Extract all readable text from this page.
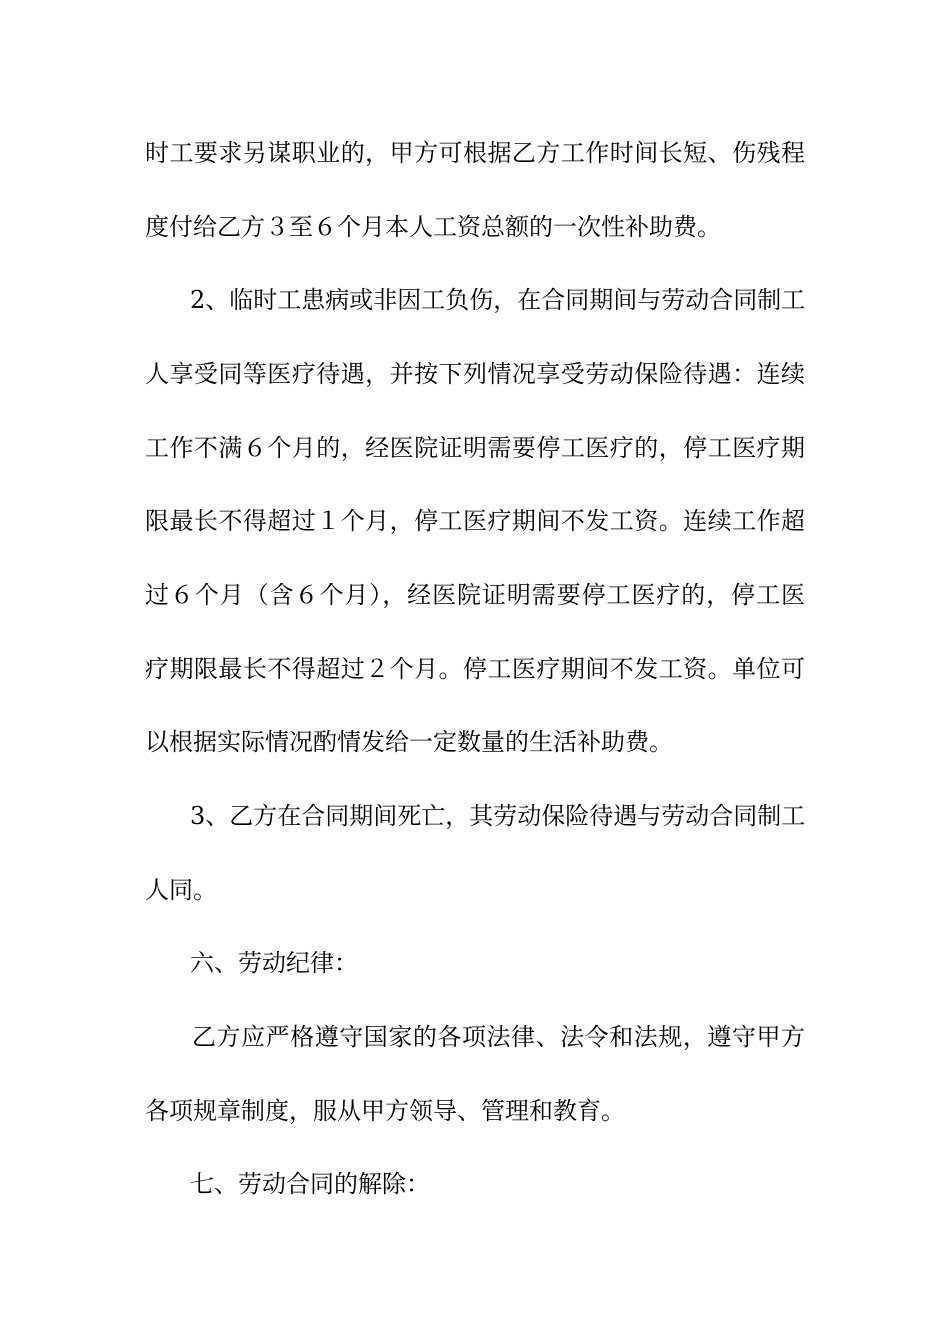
时工要求另谋职业的，甲方可根据乙方工作时间长短、伤残程
度付给乙方３至６个月本人工资总额的一次性补助费。
2、临时工患病或非因工负伤，在合同期间与劳动合同制工
人享受同等医疗待遇，并按下列情况享受劳动保险待遇：连续
工作不满６个月的，经医院证明需要停工医疗的，停工医疗期
限最长不得超过１个月，停工医疗期间不发工资。连续工作超
过６个月（含６个月），经医院证明需要停工医疗的，停工医
疗期限最长不得超过２个月。停工医疗期间不发工资。单位可
以根据实际情况酌情发给一定数量的生活补助费。
3、乙方在合同期间死亡，其劳动保险待遇与劳动合同制工
人同。
六、劳动纪律：
乙方应严格遵守国家的各项法律、法令和法规，遵守甲方
各项规章制度，服从甲方领导、管理和教育。
七、劳动合同的解除：
